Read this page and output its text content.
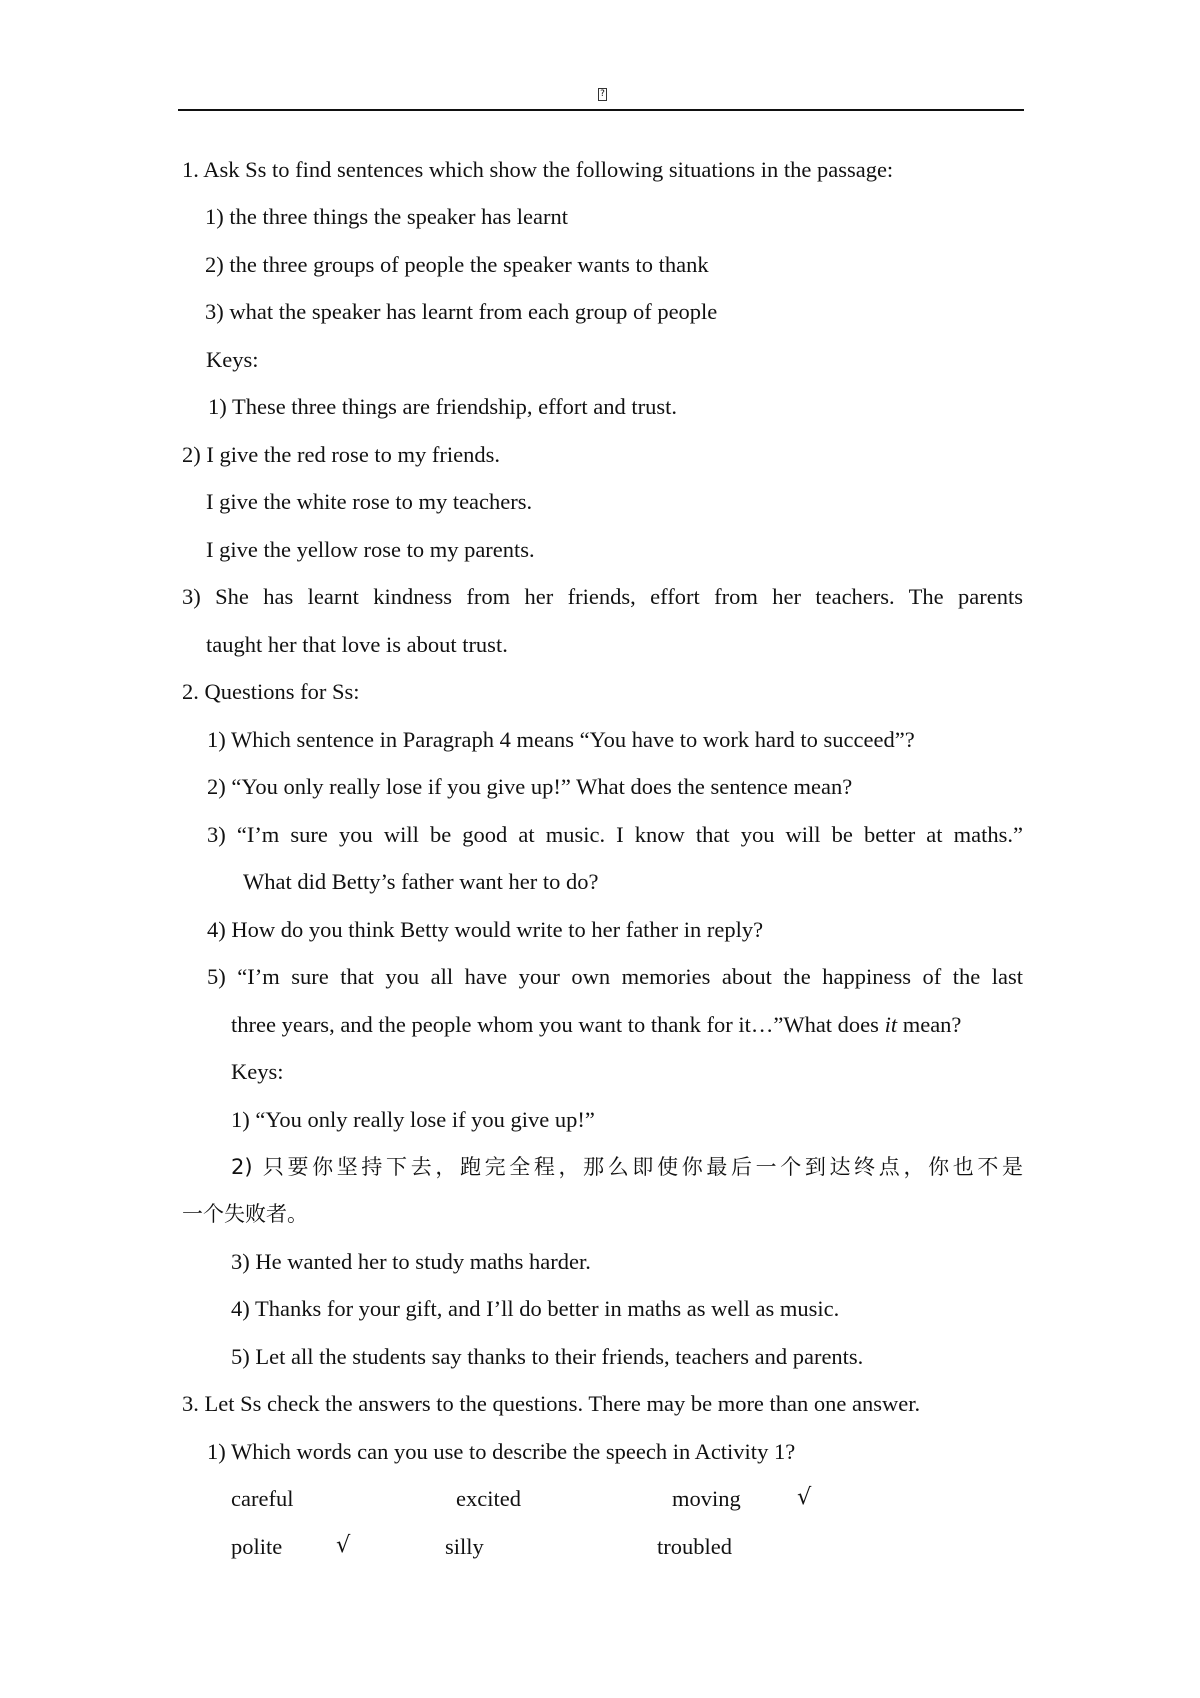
?
1. Ask Ss to find sentences which show the following situations in the passage:
1) the three things the speaker has learnt
2) the three groups of people the speaker wants to thank
3) what the speaker has learnt from each group of people
Keys:
1) These three things are friendship, effort and trust.
2) I give the red rose to my friends.
I give the white rose to my teachers.
I give the yellow rose to my parents.
3) She has learnt kindness from her friends, effort from her teachers. The parents
taught her that love is about trust.
2. Questions for Ss:
1) Which sentence in Paragraph 4 means “You have to work hard to succeed”?
2) “You only really lose if you give up!” What does the sentence mean?
3) “I’m sure you will be good at music. I know that you will be better at maths.”
What did Betty’s father want her to do?
4) How do you think Betty would write to her father in reply?
5) “I’m sure that you all have your own memories about the happiness of the last
three years, and the people whom you want to thank for it…”What does it mean?
Keys:
1) “You only really lose if you give up!”
2) 只要你坚持下去，跑完全程，那么即使你最后一个到达终点，你也不是
一个失败者。
3) He wanted her to study maths harder.
4) Thanks for your gift, and I’ll do better in maths as well as music.
5) Let all the students say thanks to their friends, teachers and parents.
3. Let Ss check the answers to the questions. There may be more than one answer.
1) Which words can you use to describe the speech in Activity 1?
careful	excited	moving √
polite √	silly	troubled
